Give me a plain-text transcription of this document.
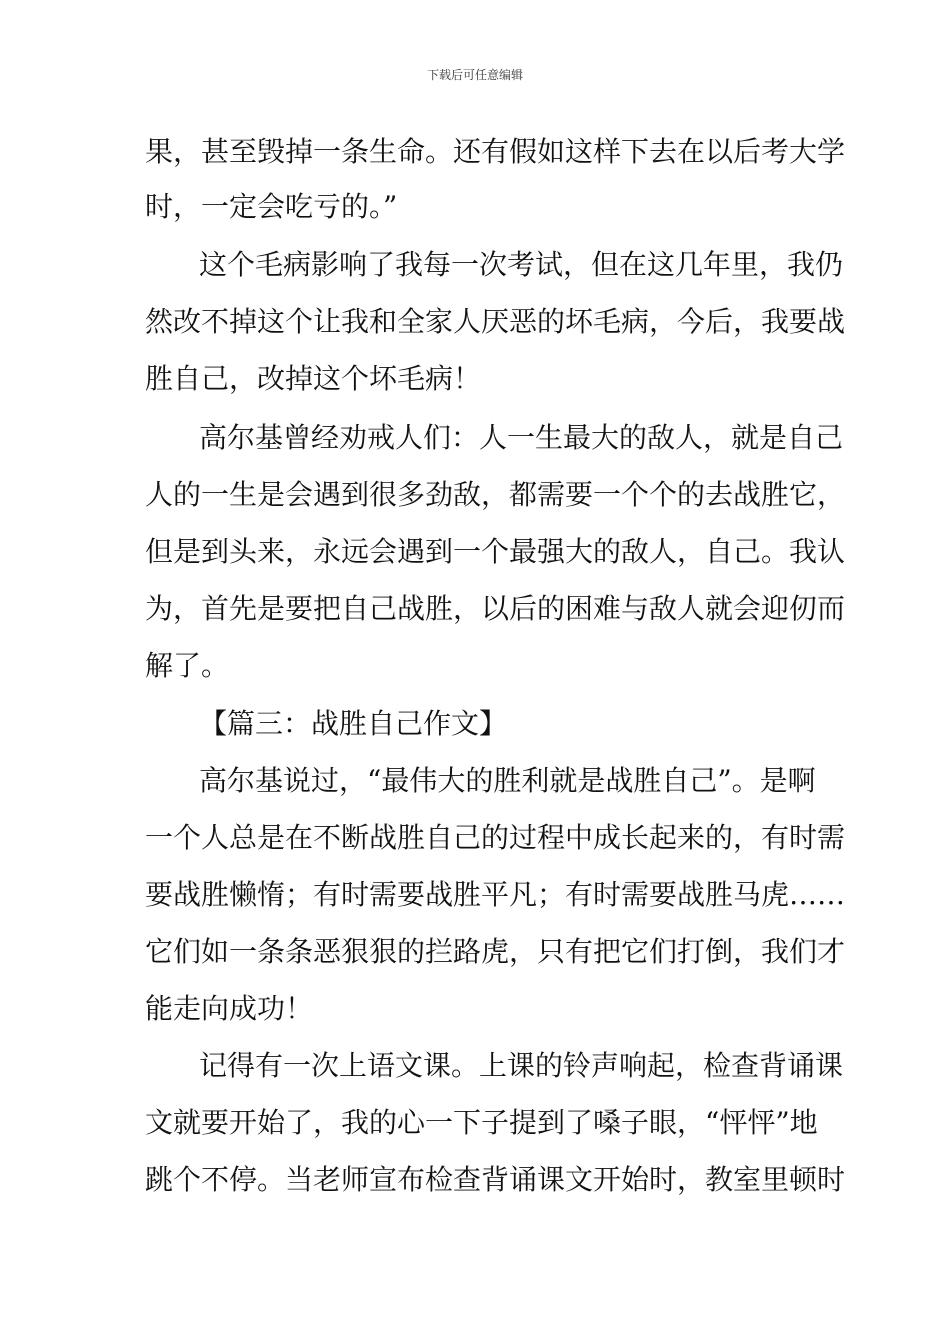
下载后可任意编辑
果，甚至毁掉一条生命。还有假如这样下去在以后考大学
时，一定会吃亏的。”
这个毛病影响了我每一次考试，但在这几年里，我仍
然改不掉这个让我和全家人厌恶的坏毛病，今后，我要战
胜自己，改掉这个坏毛病！
高尔基曾经劝戒人们：人一生最大的敌人，就是自己
人的一生是会遇到很多劲敌，都需要一个个的去战胜它，
但是到头来，永远会遇到一个最强大的敌人，自己。我认
为，首先是要把自己战胜，以后的困难与敌人就会迎仞而
解了。
【篇三：战胜自己作文】
高尔基说过，“最伟大的胜利就是战胜自己”。是啊
一个人总是在不断战胜自己的过程中成长起来的，有时需
要战胜懒惰；有时需要战胜平凡；有时需要战胜马虎……
它们如一条条恶狠狠的拦路虎，只有把它们打倒，我们才
能走向成功！
记得有一次上语文课。上课的铃声响起，检查背诵课
文就要开始了，我的心一下子提到了嗓子眼，“怦怦”地
跳个不停。当老师宣布检查背诵课文开始时，教室里顿时
